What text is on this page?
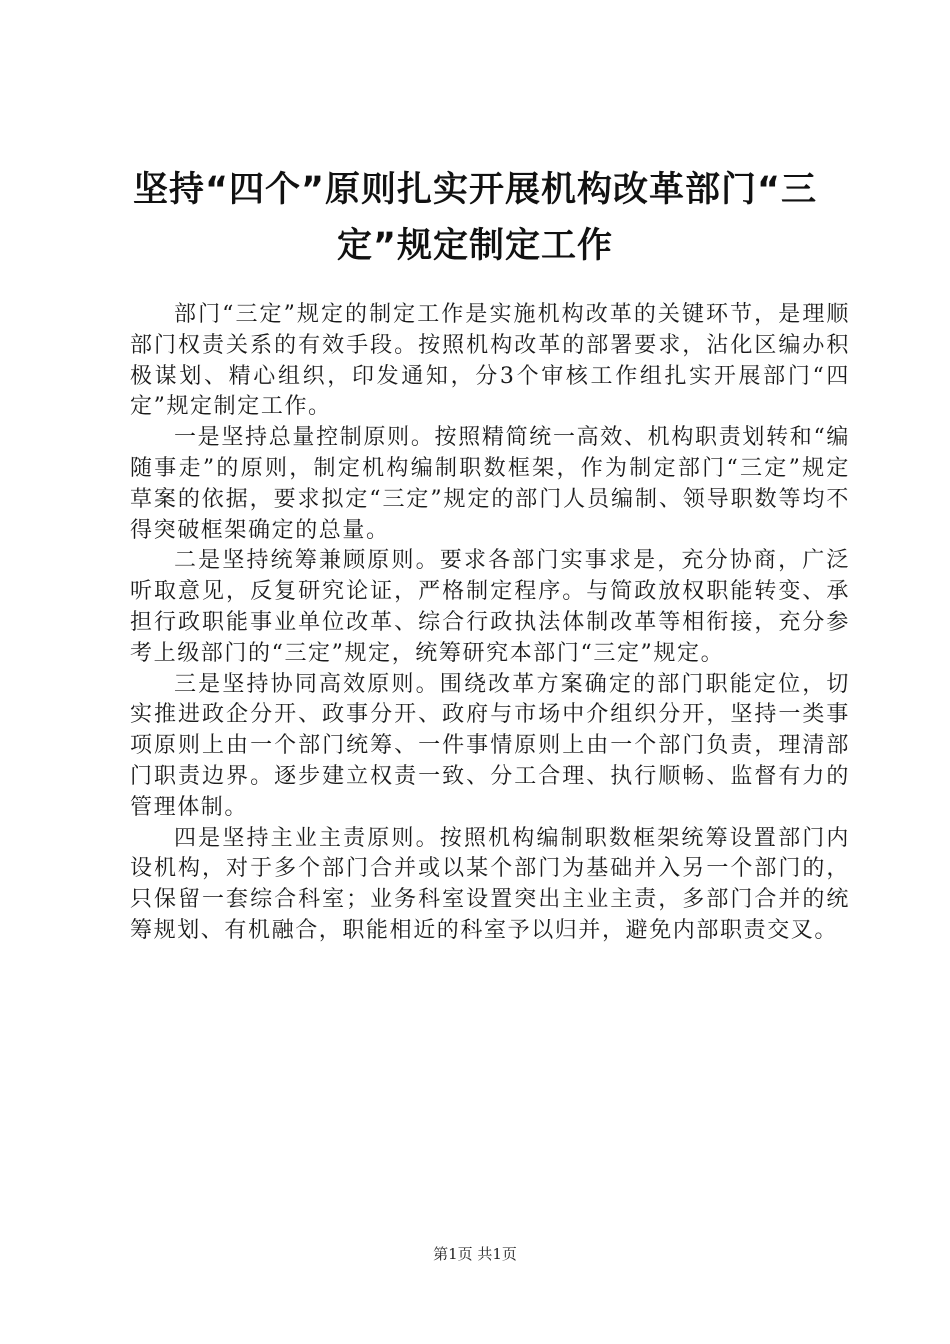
坚持“四个”原则扎实开展机构改革部门“三定”规定制定工作

部门“三定”规定的制定工作是实施机构改革的关键环节，是理顺部门权责关系的有效手段。按照机构改革的部署要求，沾化区编办积极谋划、精心组织，印发通知，分3个审核工作组扎实开展部门“四定”规定制定工作。

一是坚持总量控制原则。按照精简统一高效、机构职责划转和“编随事走”的原则，制定机构编制职数框架，作为制定部门“三定”规定草案的依据，要求拟定“三定”规定的部门人员编制、领导职数等均不得突破框架确定的总量。

二是坚持统筹兼顾原则。要求各部门实事求是，充分协商，广泛听取意见，反复研究论证，严格制定程序。与简政放权职能转变、承担行政职能事业单位改革、综合行政执法体制改革等相衔接，充分参考上级部门的“三定”规定，统筹研究本部门“三定”规定。

三是坚持协同高效原则。围绕改革方案确定的部门职能定位，切实推进政企分开、政事分开、政府与市场中介组织分开，坚持一类事项原则上由一个部门统筹、一件事情原则上由一个部门负责，理清部门职责边界。逐步建立权责一致、分工合理、执行顺畅、监督有力的管理体制。

四是坚持主业主责原则。按照机构编制职数框架统筹设置部门内设机构，对于多个部门合并或以某个部门为基础并入另一个部门的，只保留一套综合科室；业务科室设置突出主业主责，多部门合并的统筹规划、有机融合，职能相近的科室予以归并，避免内部职责交叉。

第1页 共1页
